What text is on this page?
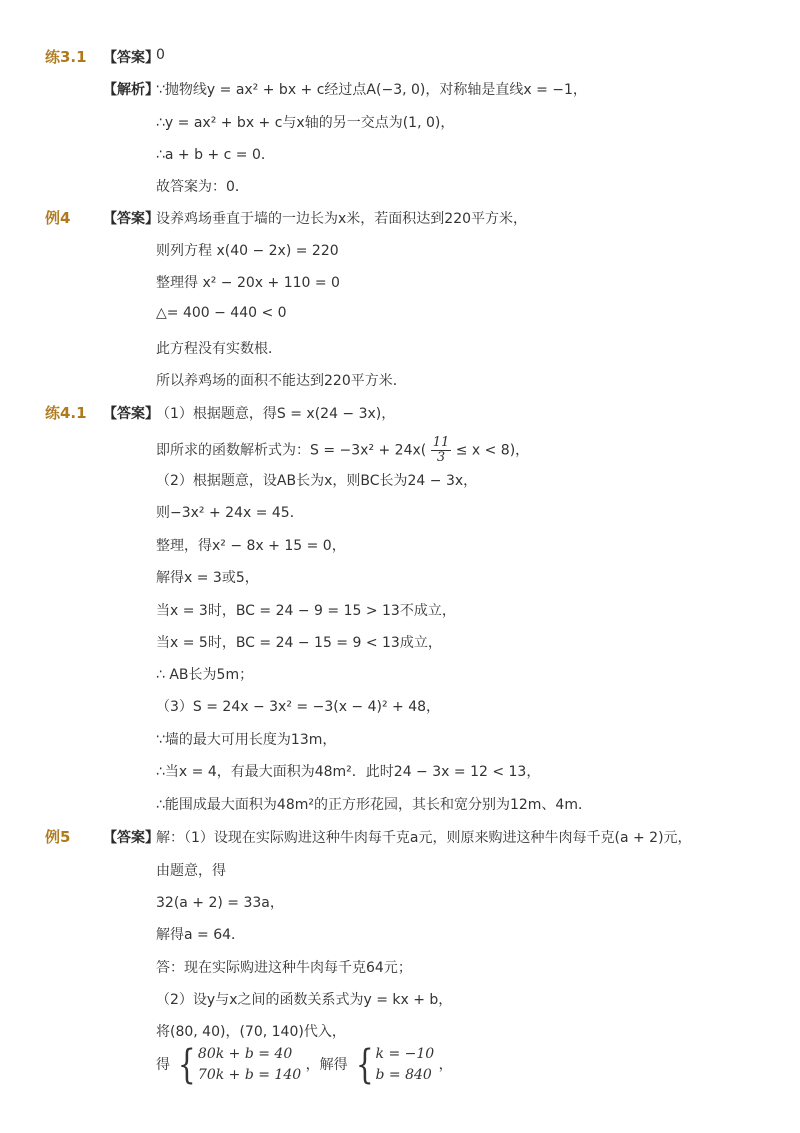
练3.1 【答案】
0
【解析】
∵抛物线y = ax² + bx + c经过点A(−3, 0)，对称轴是直线x = −1，
∴y = ax² + bx + c与x轴的另一交点为(1, 0)，
∴a + b + c = 0．
故答案为：0．
例4 【答案】
设养鸡场垂直于墙的一边长为x米，若面积达到220平方米，
则列方程 x(40 − 2x) = 220
整理得 x² − 20x + 110 = 0
△= 400 − 440 < 0
此方程没有实数根．
所以养鸡场的面积不能达到220平方米．
练4.1 【答案】
（1）根据题意，得S = x(24 − 3x)，
即所求的函数解析式为：$S = -3x^2 + 24x( \frac{11}{3} \le x < 8)$，
（2）根据题意，设AB长为x，则BC长为24 − 3x，
则−3x² + 24x = 45．
整理，得x² − 8x + 15 = 0，
解得x = 3或5，
当x = 3时，BC = 24 − 9 = 15 > 13不成立，
当x = 5时，BC = 24 − 15 = 9 < 13成立，
∴ AB长为5m；
（3）S = 24x − 3x² = −3(x − 4)² + 48，
∵墙的最大可用长度为13m，
∴当x = 4，有最大面积为48m²．此时24 − 3x = 12 < 13，
∴能围成最大面积为48m²的正方形花园，其长和宽分别为12m、4m．
例5 【答案】
解：（1）设现在实际购进这种牛肉每千克a元，则原来购进这种牛肉每千克(a + 2)元，
由题意，得
32(a + 2) = 33a，
解得a = 64．
答：现在实际购进这种牛肉每千克64元；
（2）设y与x之间的函数关系式为y = kx + b，
将(80, 40)，(70, 140)代入，
得 { 80k + b = 40
70k + b = 140
，解得 { k = −10
b = 840
，
